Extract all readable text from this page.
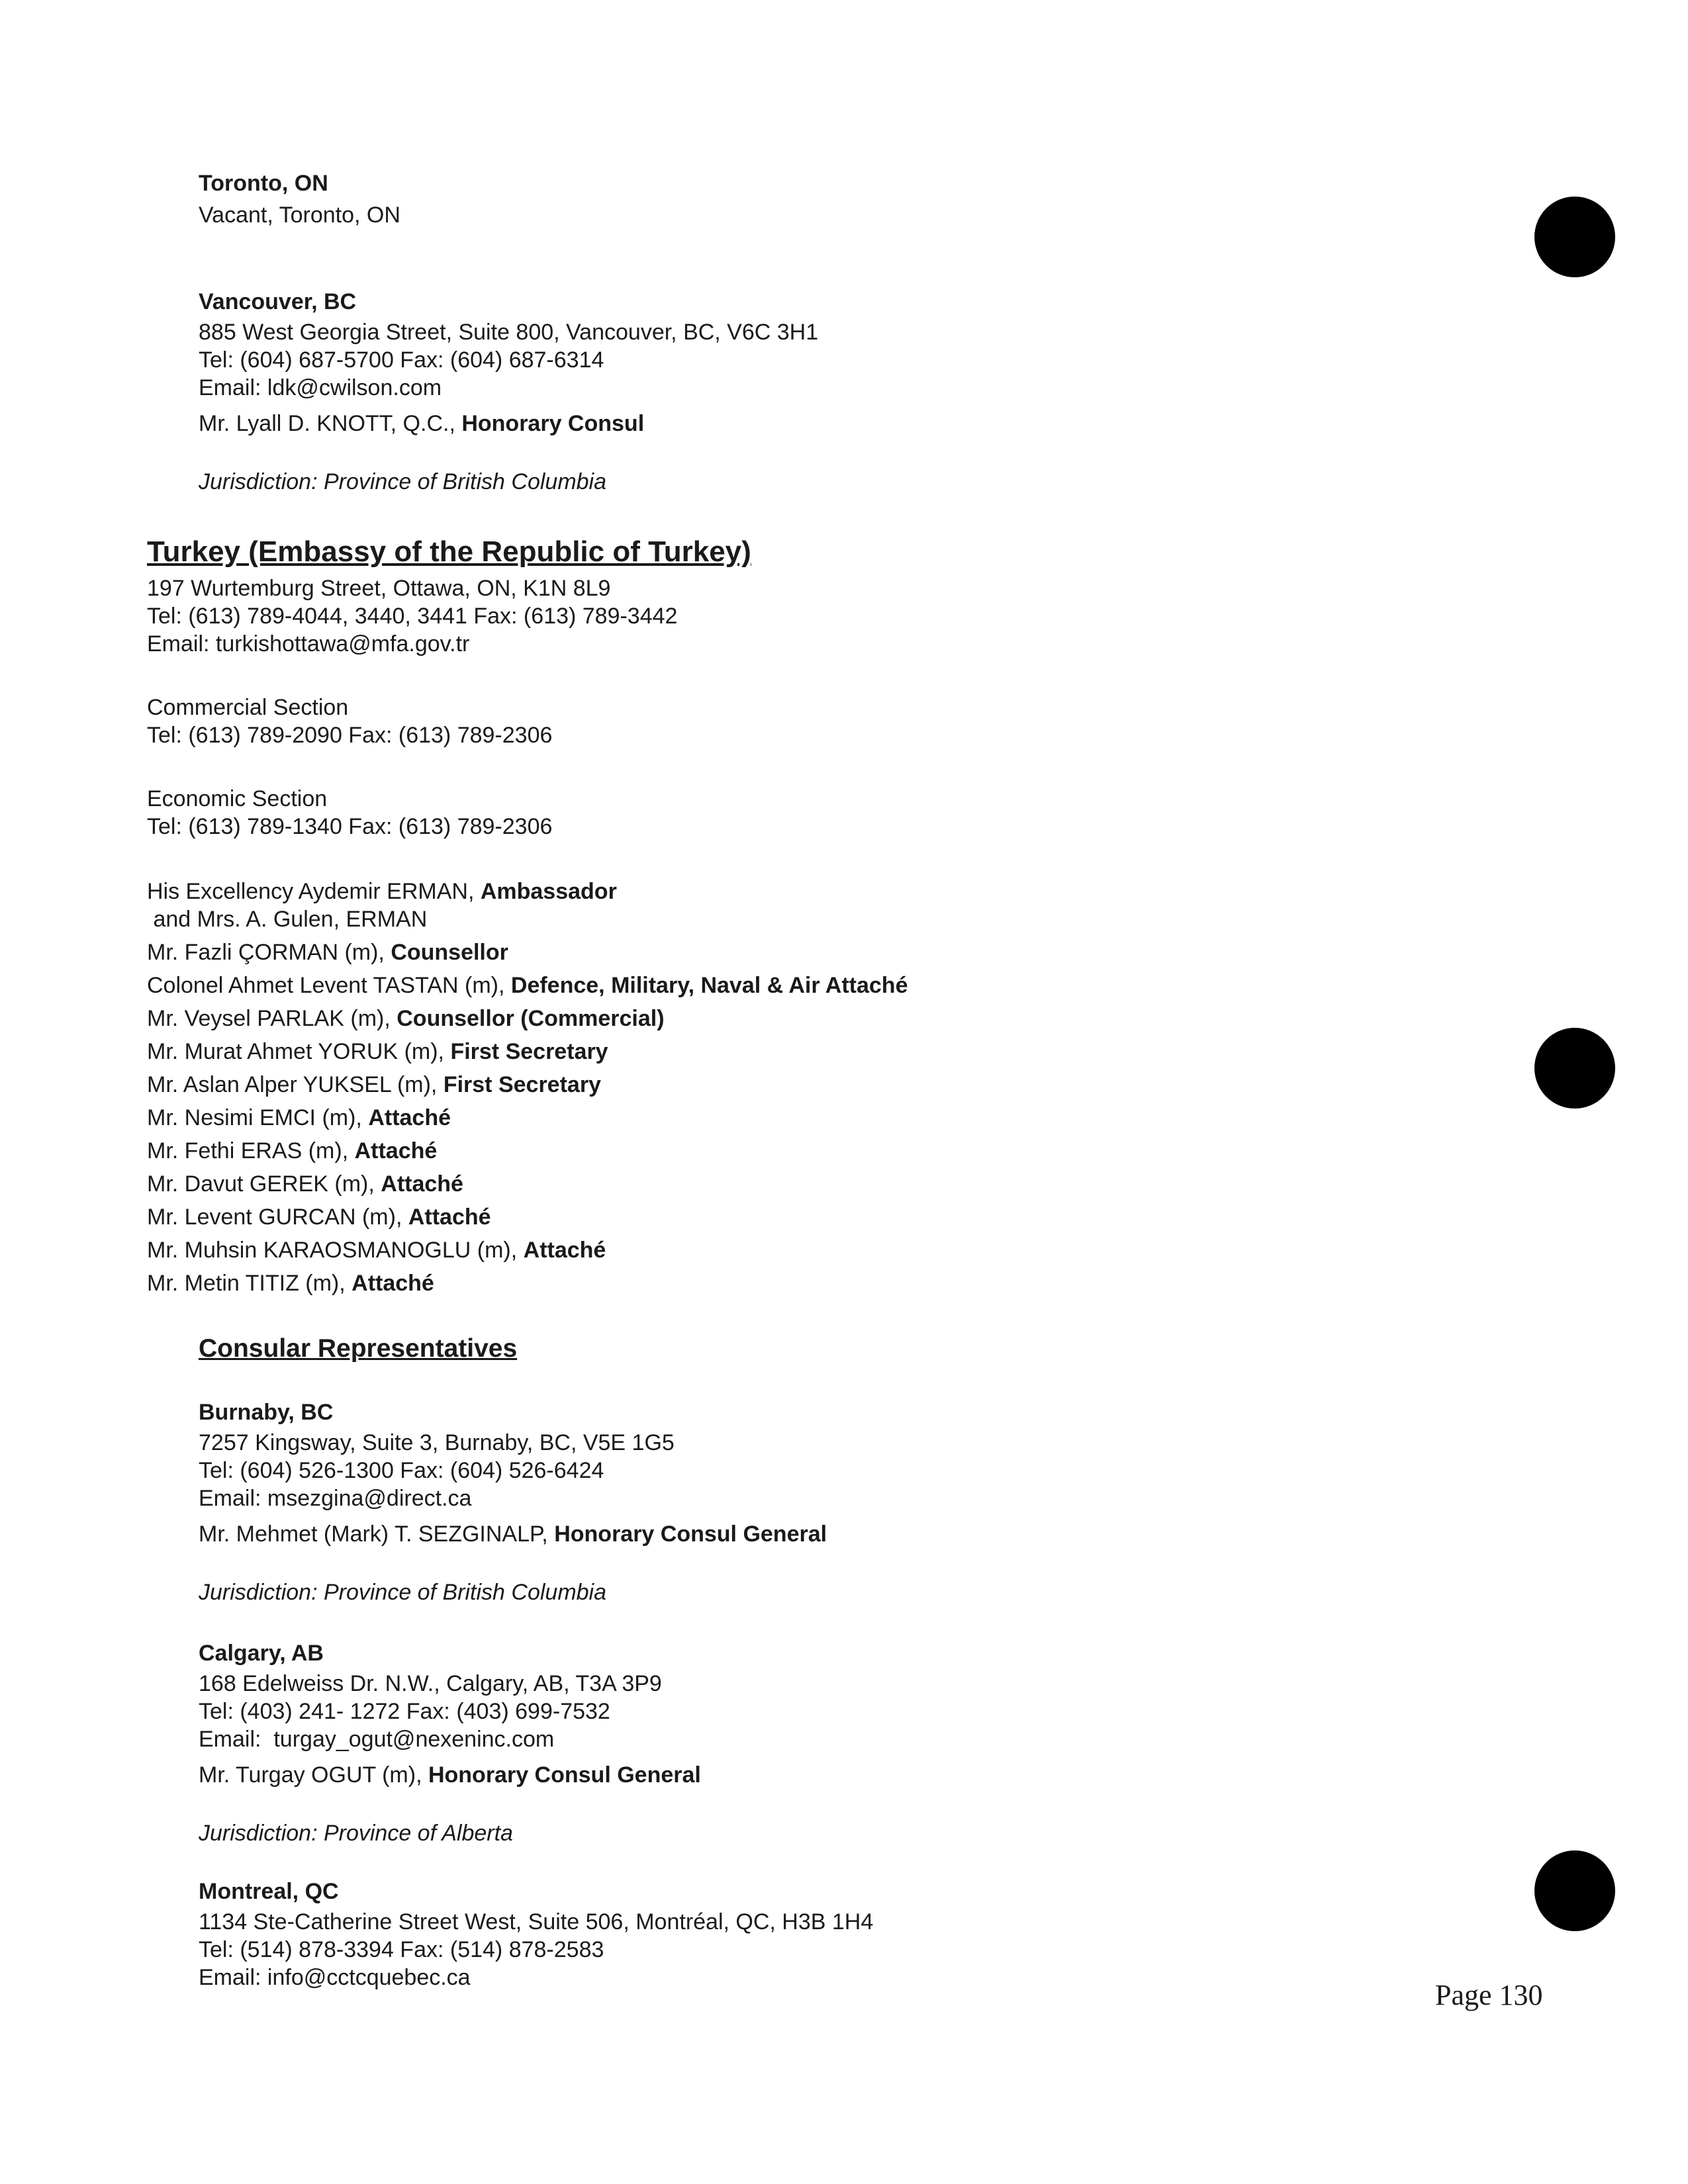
Toronto, ON
Vacant, Toronto, ON
Vancouver, BC
885 West Georgia Street, Suite 800, Vancouver, BC, V6C 3H1
Tel: (604) 687-5700 Fax: (604) 687-6314
Email: ldk@cwilson.com
Mr. Lyall D. KNOTT, Q.C., Honorary Consul
Jurisdiction: Province of British Columbia
Turkey (Embassy of the Republic of Turkey)
197 Wurtemburg Street, Ottawa, ON, K1N 8L9
Tel: (613) 789-4044, 3440, 3441 Fax: (613) 789-3442
Email: turkishottawa@mfa.gov.tr
Commercial Section
Tel: (613) 789-2090 Fax: (613) 789-2306
Economic Section
Tel: (613) 789-1340 Fax: (613) 789-2306
His Excellency Aydemir ERMAN, Ambassador
and Mrs. A. Gulen, ERMAN
Mr. Fazli ÇORMAN (m), Counsellor
Colonel Ahmet Levent TASTAN (m), Defence, Military, Naval & Air Attaché
Mr. Veysel PARLAK (m), Counsellor (Commercial)
Mr. Murat Ahmet YORUK (m), First Secretary
Mr. Aslan Alper YUKSEL (m), First Secretary
Mr. Nesimi EMCI (m), Attaché
Mr. Fethi ERAS (m), Attaché
Mr. Davut GEREK (m), Attaché
Mr. Levent GURCAN (m), Attaché
Mr. Muhsin KARAOSMANOGLU (m), Attaché
Mr. Metin TITIZ (m), Attaché
Consular Representatives
Burnaby, BC
7257 Kingsway, Suite 3, Burnaby, BC, V5E 1G5
Tel: (604) 526-1300 Fax: (604) 526-6424
Email: msezgina@direct.ca
Mr. Mehmet (Mark) T. SEZGINALP, Honorary Consul General
Jurisdiction: Province of British Columbia
Calgary, AB
168 Edelweiss Dr. N.W., Calgary, AB, T3A 3P9
Tel: (403) 241- 1272 Fax: (403) 699-7532
Email:  turgay_ogut@nexeninc.com
Mr. Turgay OGUT (m), Honorary Consul General
Jurisdiction: Province of Alberta
Montreal, QC
1134 Ste-Catherine Street West, Suite 506, Montréal, QC, H3B 1H4
Tel: (514) 878-3394 Fax: (514) 878-2583
Email: info@cctcquebec.ca
Page 130
